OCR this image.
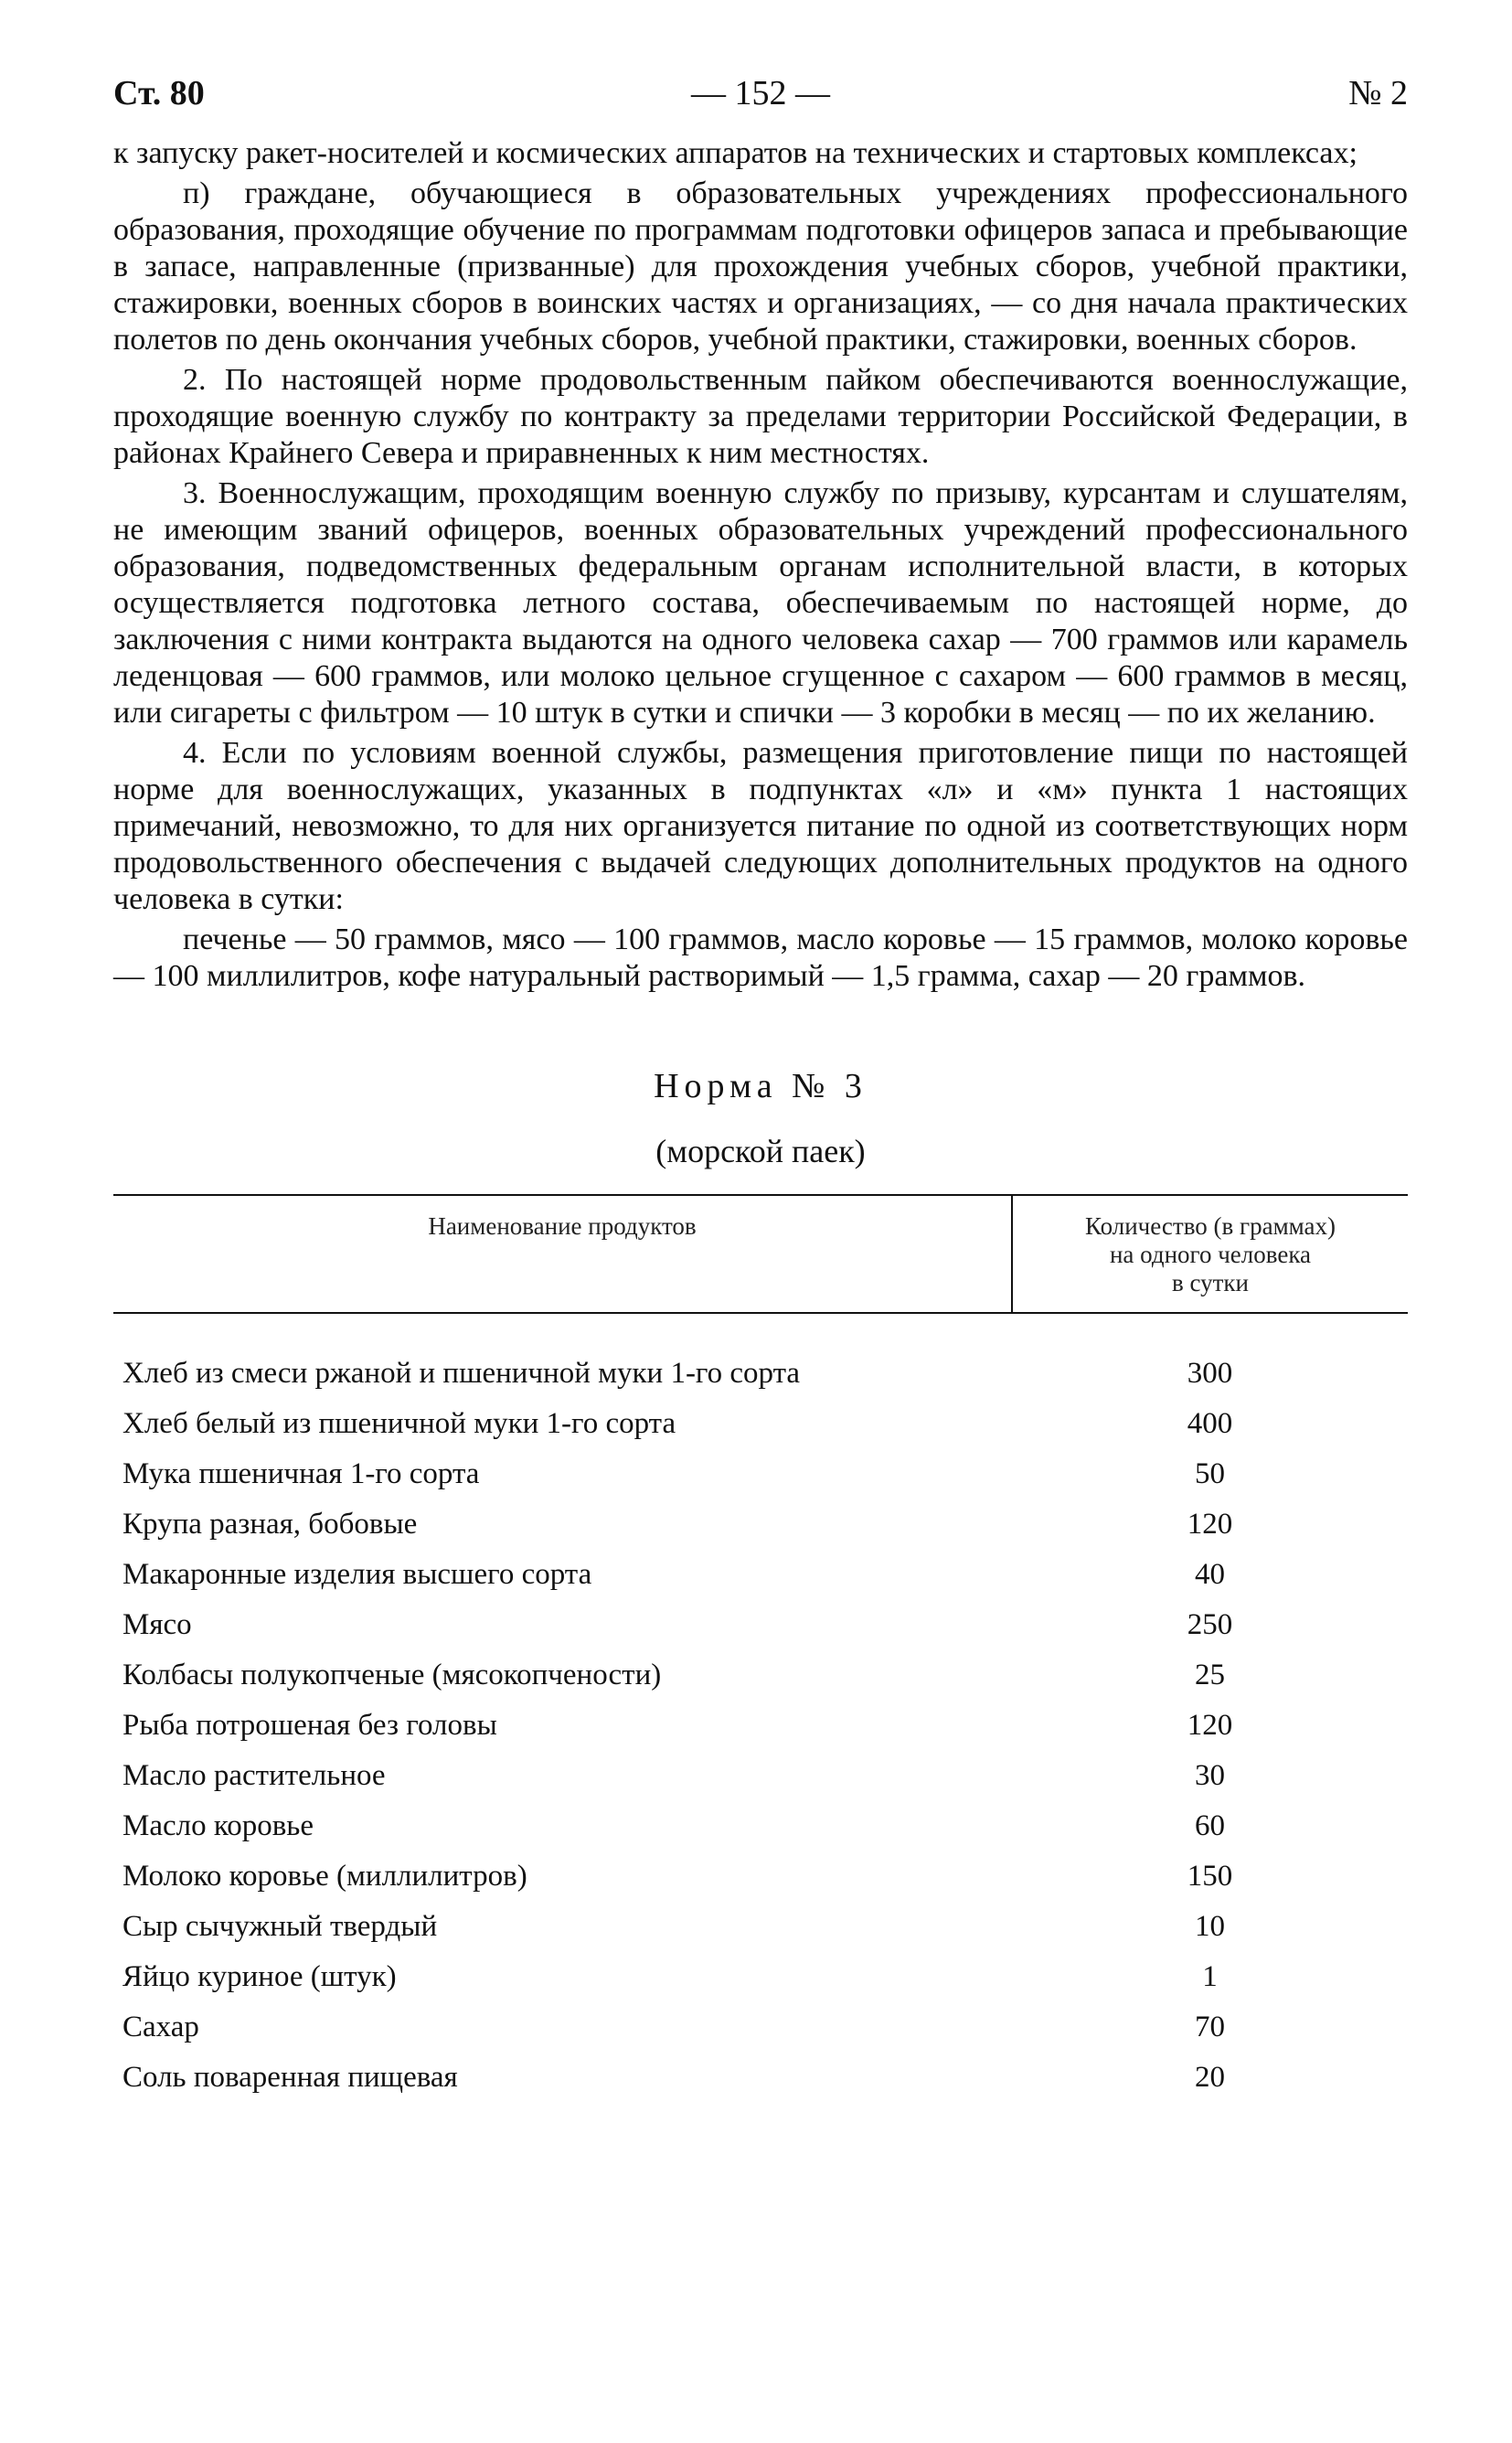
Ст. 80	— 152 —	№ 2

к запуску ракет-носителей и космических аппаратов на технических и стартовых комплексах;

п) граждане, обучающиеся в образовательных учреждениях профессионального образования, проходящие обучение по программам подготовки офицеров запаса и пребывающие в запасе, направленные (призванные) для прохождения учебных сборов, учебной практики, стажировки, военных сборов в воинских частях и организациях, — со дня начала практических полетов по день окончания учебных сборов, учебной практики, стажировки, военных сборов.

2. По настоящей норме продовольственным пайком обеспечиваются военнослужащие, проходящие военную службу по контракту за пределами территории Российской Федерации, в районах Крайнего Севера и приравненных к ним местностях.

3. Военнослужащим, проходящим военную службу по призыву, курсантам и слушателям, не имеющим званий офицеров, военных образовательных учреждений профессионального образования, подведомственных федеральным органам исполнительной власти, в которых осуществляется подготовка летного состава, обеспечиваемым по настоящей норме, до заключения с ними контракта выдаются на одного человека сахар — 700 граммов или карамель леденцовая — 600 граммов, или молоко цельное сгущенное с сахаром — 600 граммов в месяц, или сигареты с фильтром — 10 штук в сутки и спички — 3 коробки в месяц — по их желанию.

4. Если по условиям военной службы, размещения приготовление пищи по настоящей норме для военнослужащих, указанных в подпунктах «л» и «м» пункта 1 настоящих примечаний, невозможно, то для них организуется питание по одной из соответствующих норм продовольственного обеспечения с выдачей следующих дополнительных продуктов на одного человека в сутки:

печенье — 50 граммов, мясо — 100 граммов, масло коровье — 15 граммов, молоко коровье — 100 миллилитров, кофе натуральный растворимый — 1,5 грамма, сахар — 20 граммов.

Норма № 3
(морской паек)
Наименование продуктов	Количество (в граммах)
на одного человека
в сутки

Хлеб из смеси ржаной и пшеничной муки 1-го сорта	300
Хлеб белый из пшеничной муки 1-го сорта	400
Мука пшеничная 1-го сорта	50
Крупа разная, бобовые	120
Макаронные изделия высшего сорта	40
Мясо	250
Колбасы полукопченые (мясокопчености)	25
Рыба потрошеная без головы	120
Масло растительное	30
Масло коровье	60
Молоко коровье (миллилитров)	150
Сыр сычужный твердый	10
Яйцо куриное (штук)	1
Сахар	70
Соль поваренная пищевая	20
